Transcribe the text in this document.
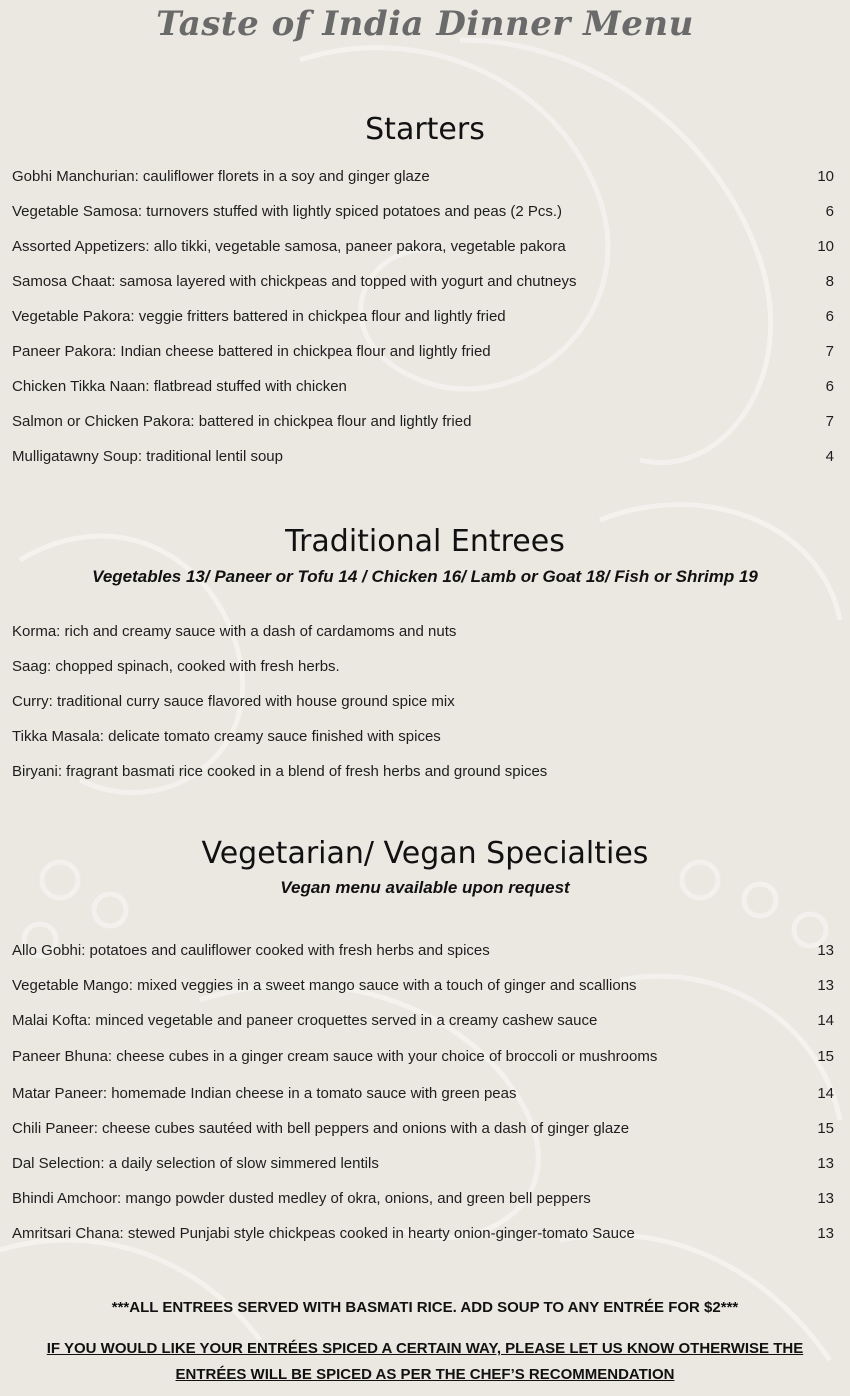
Taste of India Dinner Menu
Starters
Gobhi Manchurian: cauliflower florets in a soy and ginger glaze	10
Vegetable Samosa: turnovers stuffed with lightly spiced potatoes and peas (2 Pcs.)	6
Assorted Appetizers: allo tikki, vegetable samosa, paneer pakora, vegetable pakora	10
Samosa Chaat: samosa layered with chickpeas and topped with yogurt and chutneys	8
Vegetable Pakora: veggie fritters battered in chickpea flour and lightly fried	6
Paneer Pakora: Indian cheese battered in chickpea flour and lightly fried	7
Chicken Tikka Naan: flatbread stuffed with chicken	6
Salmon or Chicken Pakora: battered in chickpea flour and lightly fried	7
Mulligatawny Soup: traditional lentil soup	4
Traditional Entrees
Vegetables 13/ Paneer or Tofu 14 / Chicken 16/ Lamb or Goat 18/ Fish or Shrimp 19
Korma: rich and creamy sauce with a dash of cardamoms and nuts
Saag: chopped spinach, cooked with fresh herbs.
Curry: traditional curry sauce flavored with house ground spice mix
Tikka Masala: delicate tomato creamy sauce finished with spices
Biryani: fragrant basmati rice cooked in a blend of fresh herbs and ground spices
Vegetarian/ Vegan Specialties
Vegan menu available upon request
Allo Gobhi: potatoes and cauliflower cooked with fresh herbs and spices	13
Vegetable Mango: mixed veggies in a sweet mango sauce with a touch of ginger and scallions	13
Malai Kofta: minced vegetable and paneer croquettes served in a creamy cashew sauce	14
Paneer Bhuna: cheese cubes in a ginger cream sauce with your choice of broccoli or mushrooms	15
Matar Paneer: homemade Indian cheese in a tomato sauce with green peas	14
Chili Paneer: cheese cubes sautéed with bell peppers and onions with a dash of ginger glaze	15
Dal Selection: a daily selection of slow simmered lentils	13
Bhindi Amchoor: mango powder dusted medley of okra, onions, and green bell peppers	13
Amritsari Chana: stewed Punjabi style chickpeas cooked in hearty onion-ginger-tomato Sauce	13
***ALL ENTREES SERVED WITH BASMATI RICE. ADD SOUP TO ANY ENTRÉE FOR $2***
IF YOU WOULD LIKE YOUR ENTRÉES SPICED A CERTAIN WAY, PLEASE LET US KNOW OTHERWISE THE
ENTRÉES WILL BE SPICED AS PER THE CHEF’S RECOMMENDATION
